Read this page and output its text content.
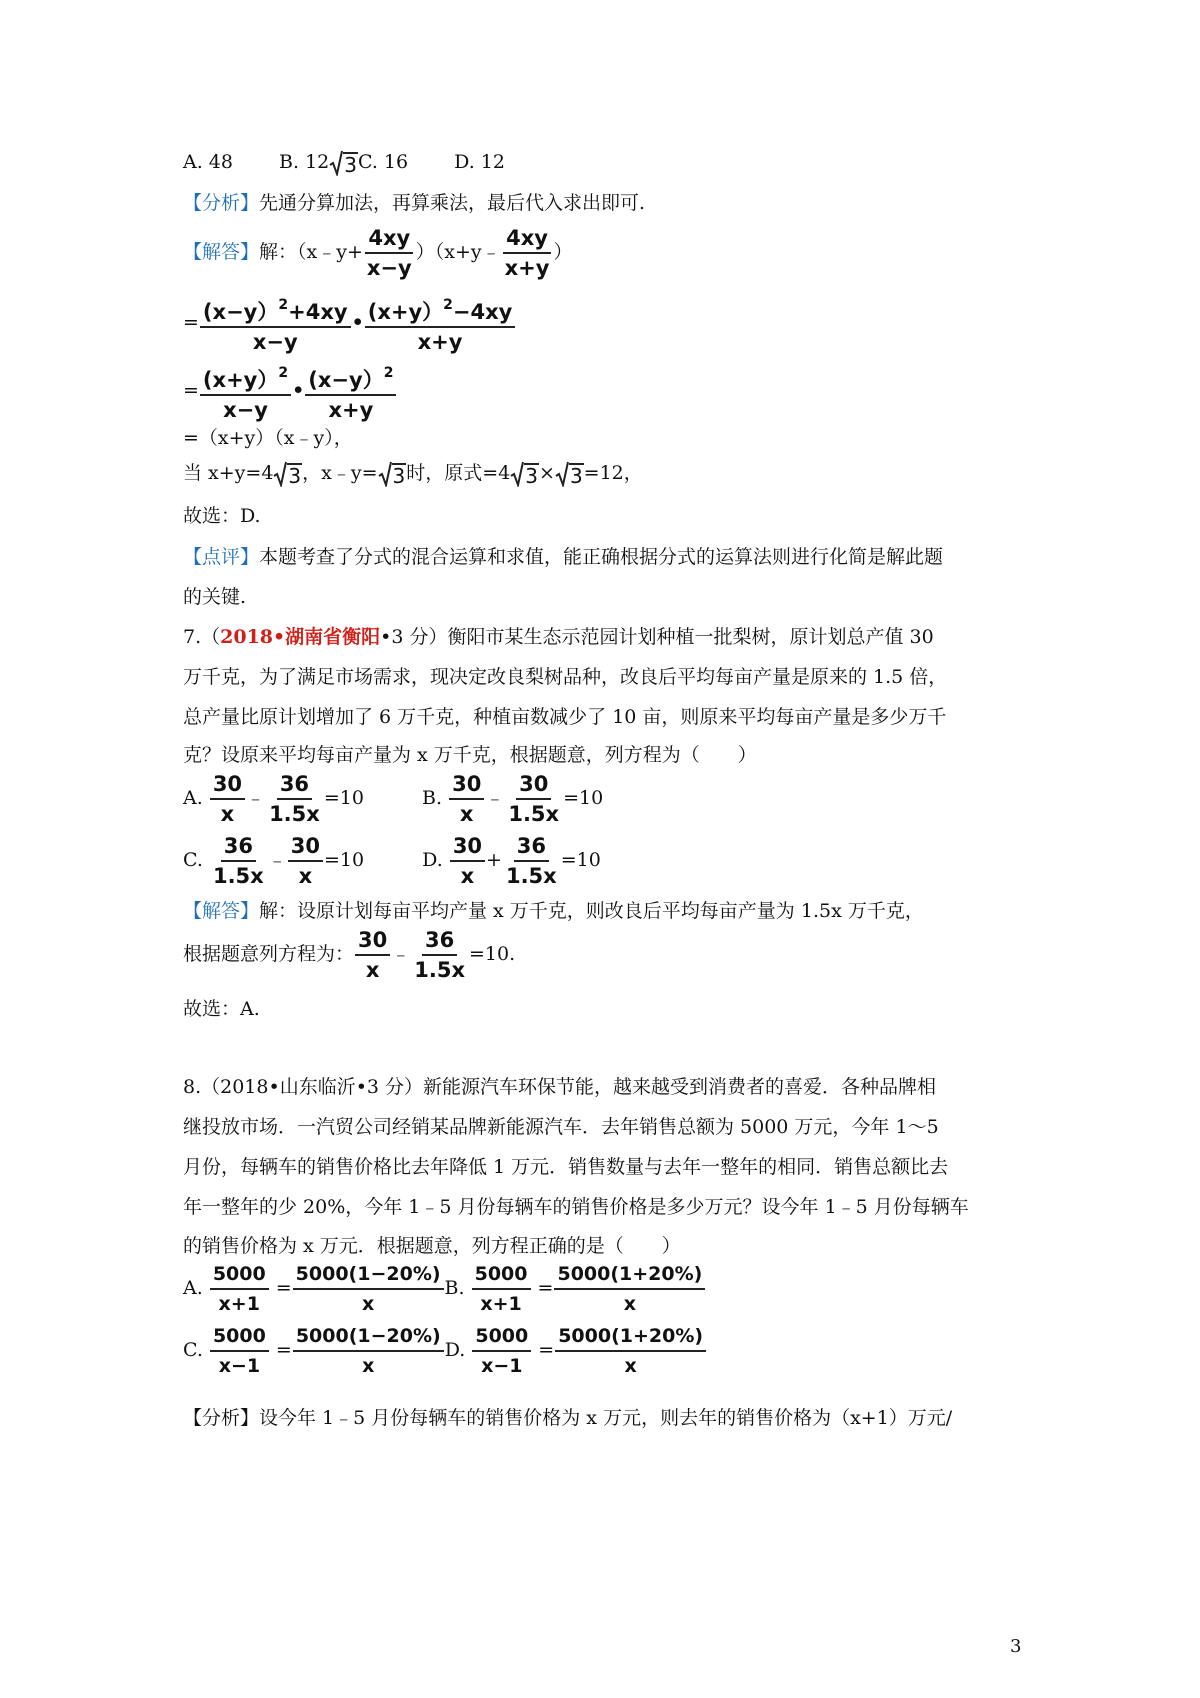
A. 48 B. 12 3 C. 16 D. 12
【分析】先通分算加法，再算乘法，最后代入求出即可.
【解答】解：（x﹣y+ $\frac{4xy}{x-y}$ ）（x+y﹣ $\frac{4xy}{x+y}$ ）
= $\frac{(x-y)^2+4xy}{x-y}$ • $\frac{(x+y)^2-4xy}{x+y}$
= $\frac{(x+y)^2}{x-y}$ • $\frac{(x-y)^2}{x+y}$
=（x+y）（x﹣y），
当 x+y=4 3 ，x﹣y= 3 时，原式=4 3 × 3 =12，
故选：D.
【点评】本题考查了分式的混合运算和求值，能正确根据分式的运算法则进行化简是解此题
的关键.
7.（2018•湖南省衡阳•3 分）衡阳市某生态示范园计划种植一批梨树，原计划总产值 30
万千克，为了满足市场需求，现决定改良梨树品种，改良后平均每亩产量是原来的 1.5 倍，
总产量比原计划增加了 6 万千克，种植亩数减少了 10 亩，则原来平均每亩产量是多少万千
克？设原来平均每亩产量为 x 万千克，根据题意，列方程为（　　）
A. $\frac{30}{x}$ ﹣ $\frac{36}{1.5x} =10$	B. $\frac{30}{x}$ ﹣ $\frac{30}{1.5x} =10$
C. $\frac{36}{1.5x}$ ﹣ $\frac{30}{x} =10$	D. $\frac{30}{x} + \frac{36}{1.5x} =10$
【解答】解：设原计划每亩平均产量 x 万千克，则改良后平均每亩产量为 1.5x 万千克，
根据题意列方程为： $\frac{30}{x}$ ﹣ $\frac{36}{1.5x} =10$.
故选：A.
8.（2018•山东临沂•3 分）新能源汽车环保节能，越来越受到消费者的喜爱．各种品牌相
继投放市场．一汽贸公司经销某品牌新能源汽车．去年销售总额为 5000 万元，今年 1～5
月份，每辆车的销售价格比去年降低 1 万元．销售数量与去年一整年的相同．销售总额比去
年一整年的少 20%，今年 1﹣5 月份每辆车的销售价格是多少万元？设今年 1﹣5 月份每辆车
的销售价格为 x 万元．根据题意，列方程正确的是（　　）
A. $\frac{5000}{x+1} = \frac{5000(1-20\%)}{x} B$. $\frac{5000}{x+1} = \frac{5000(1+20\%)}{x}$
C. $\frac{5000}{x-1} = \frac{5000(1-20\%)}{x} D$. $\frac{5000}{x-1} = \frac{5000(1+20\%)}{x}$
【分析】设今年 1﹣5 月份每辆车的销售价格为 x 万元，则去年的销售价格为（x+1）万元/
3
